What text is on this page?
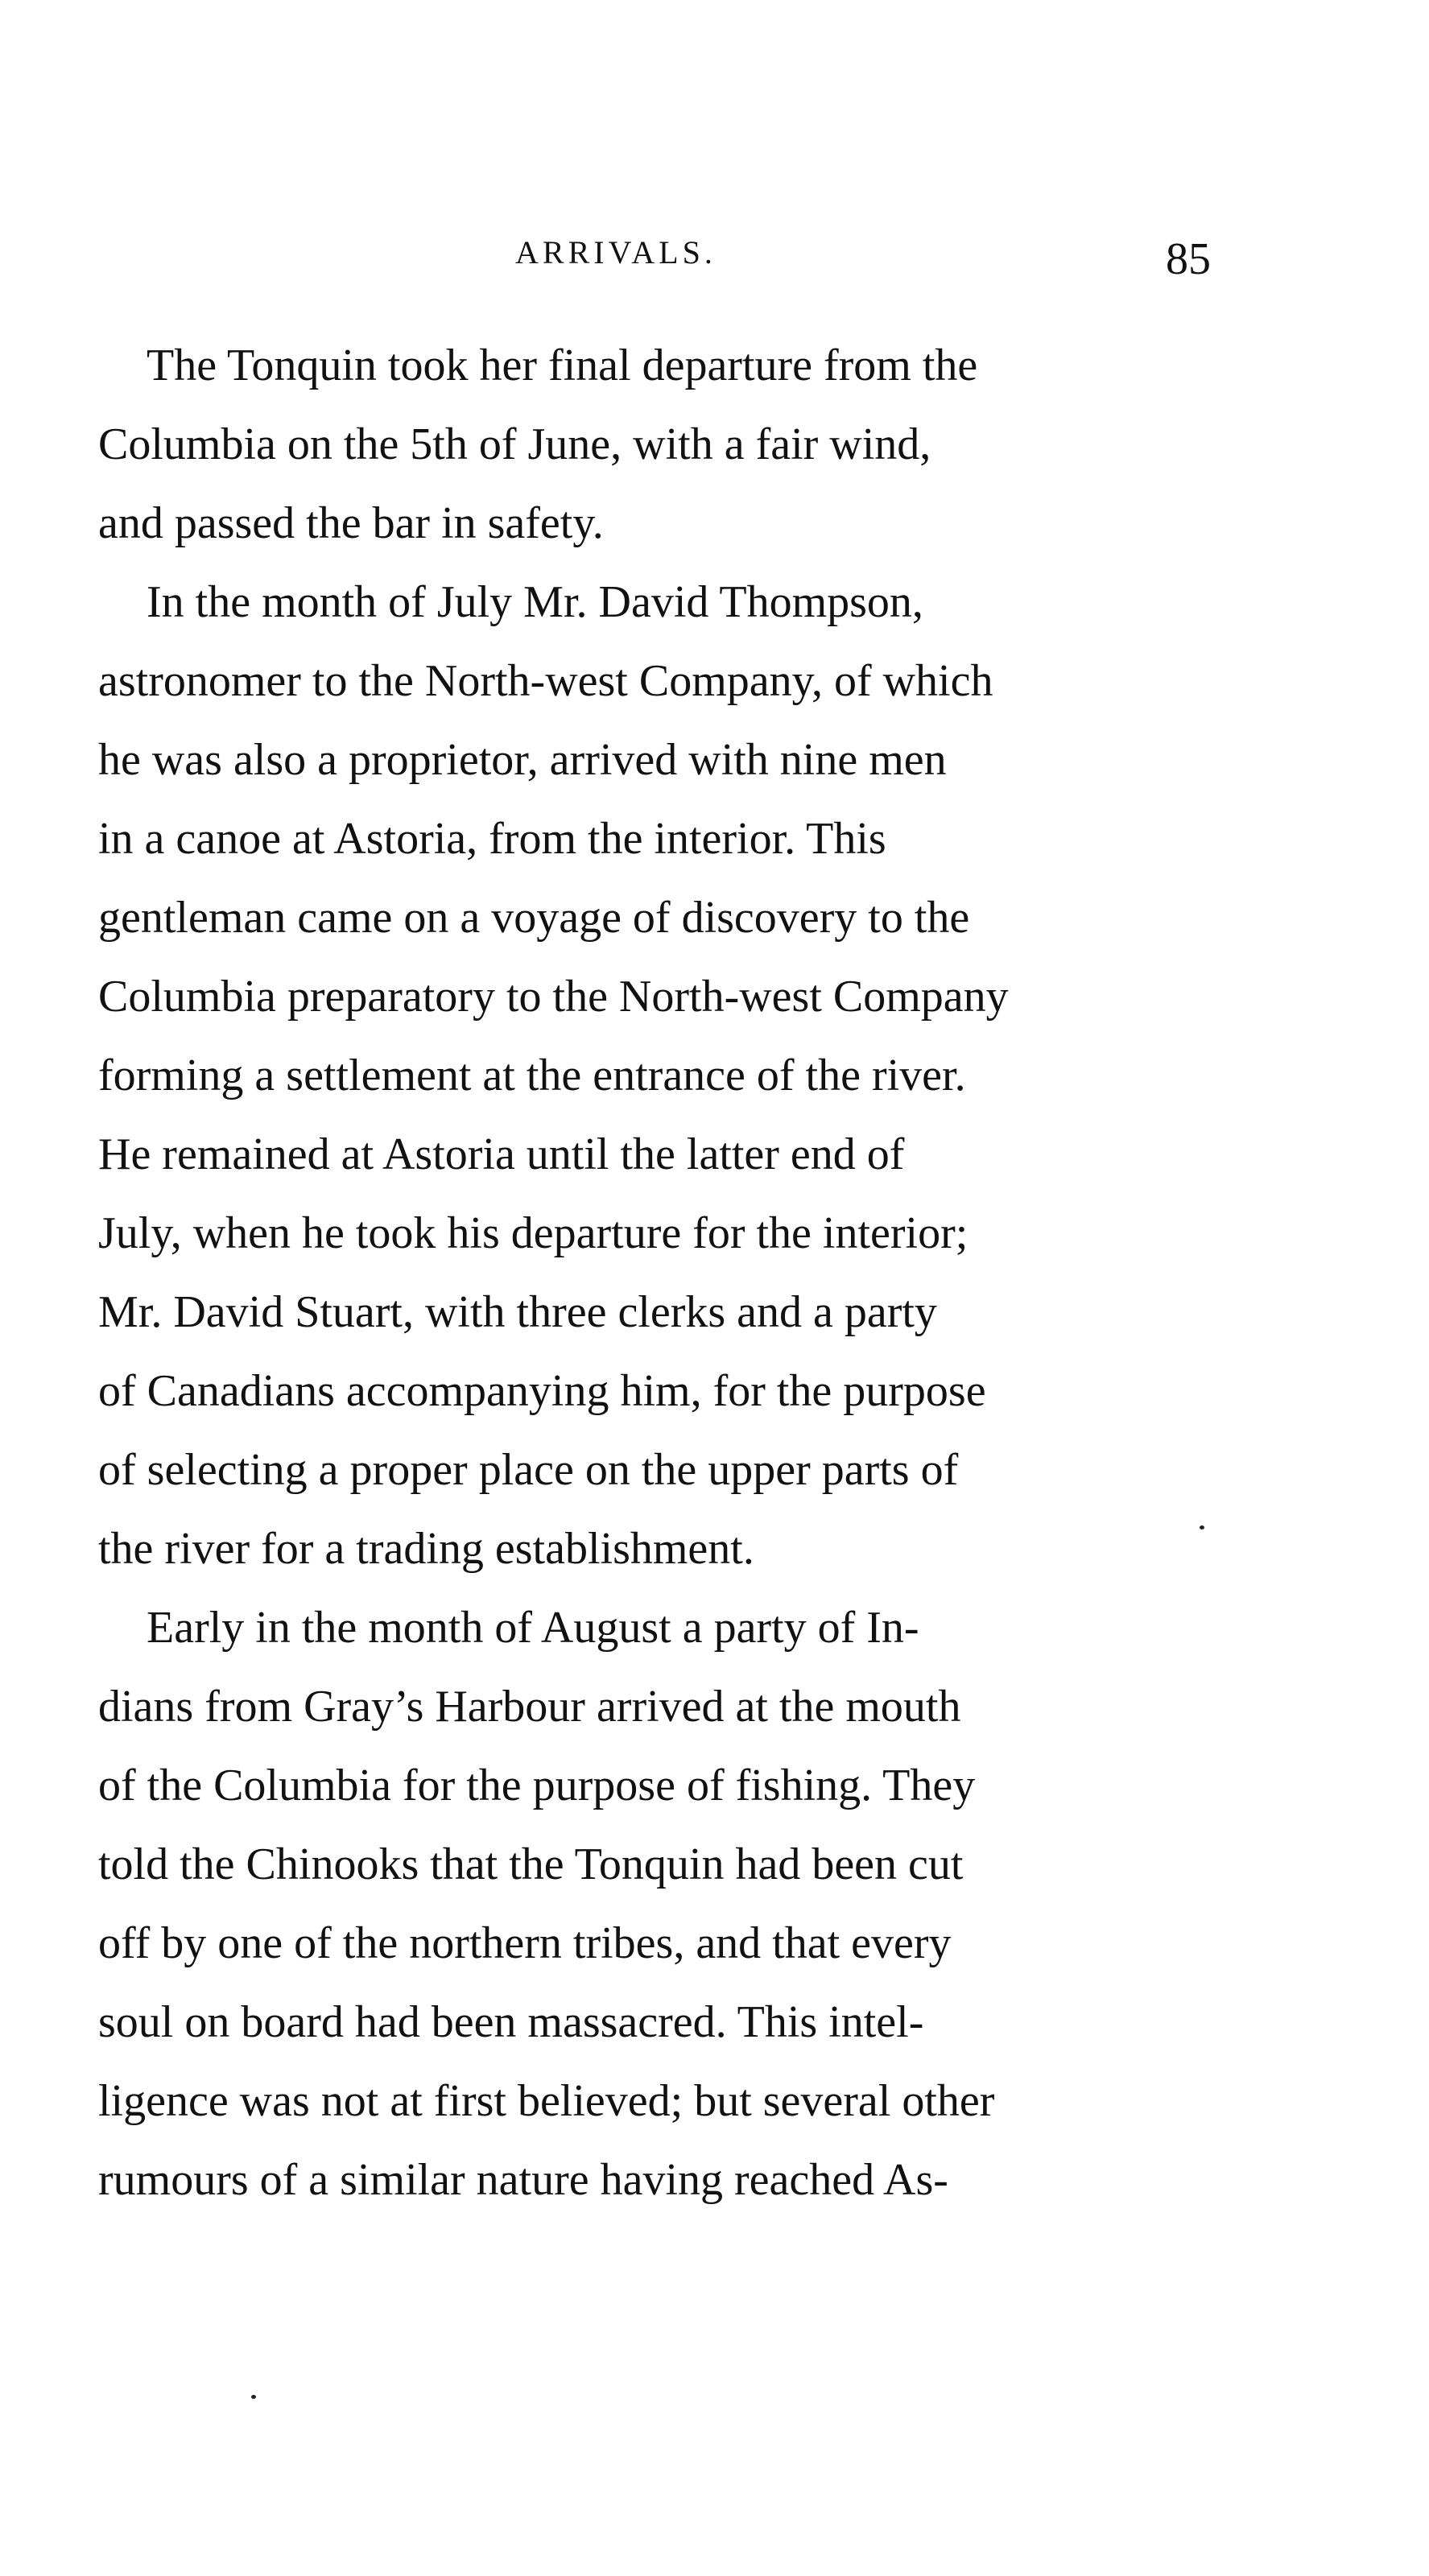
ARRIVALS.	85

The Tonquin took her final departure from the
Columbia on the 5th of June, with a fair wind,
and passed the bar in safety.

In the month of July Mr. David Thompson,
astronomer to the North-west Company, of which
he was also a proprietor, arrived with nine men
in a canoe at Astoria, from the interior. This
gentleman came on a voyage of discovery to the
Columbia preparatory to the North-west Company
forming a settlement at the entrance of the river.
He remained at Astoria until the latter end of
July, when he took his departure for the interior;
Mr. David Stuart, with three clerks and a party
of Canadians accompanying him, for the purpose
of selecting a proper place on the upper parts of
the river for a trading establishment.

Early in the month of August a party of In-
dians from Gray’s Harbour arrived at the mouth
of the Columbia for the purpose of fishing. They
told the Chinooks that the Tonquin had been cut
off by one of the northern tribes, and that every
soul on board had been massacred. This intel-
ligence was not at first believed; but several other
rumours of a similar nature having reached As-
